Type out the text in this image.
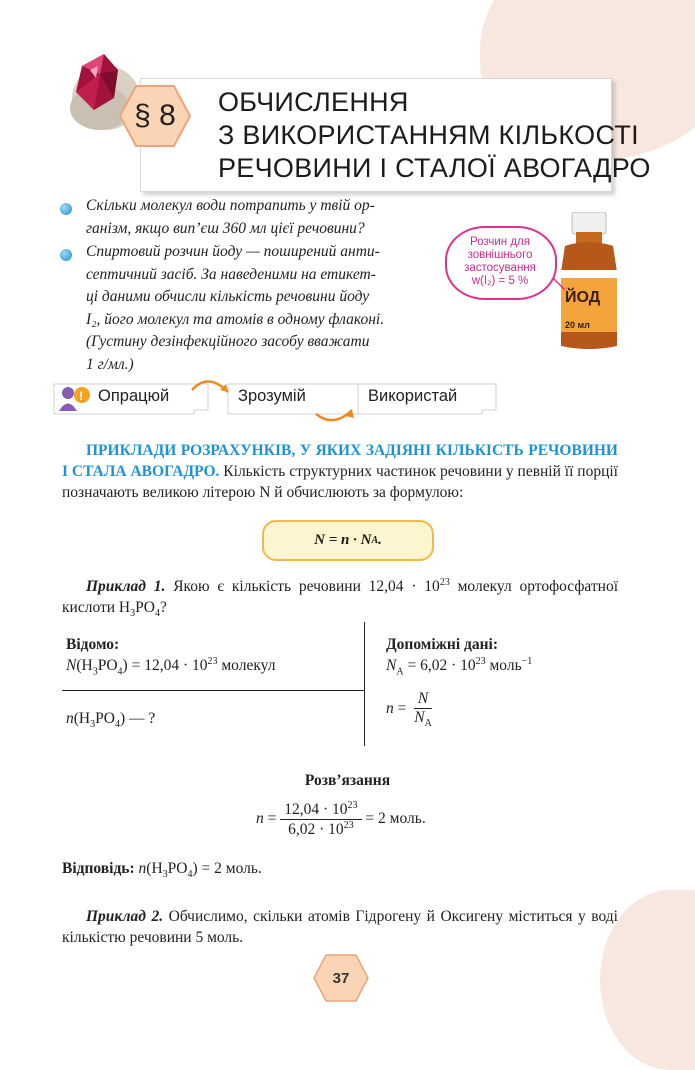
§ 8	ОБЧИСЛЕННЯ
З ВИКОРИСТАННЯМ КІЛЬКОСТІ
РЕЧОВИНИ І СТАЛОЇ АВОГАДРО
Скільки молекул води потрапить у твій ор-
ганізм, якщо вип’єш 360 мл цієї речовини?
Спиртовий розчин йоду — поширений анти-
септичний засіб. За наведеними на етикет-
ці даними обчисли кількість речовини йоду
I₂, його молекул та атомів в одному флаконі.
(Густину дезінфекційного засобу вважати
1 г/мл.)
ЙОД
20 мл
Розчин для
зовнішнього
застосування
w(I₂) = 5 %
! Опрацюй	Зрозумій	Використай
ПРИКЛАДИ РОЗРАХУНКІВ, У ЯКИХ ЗАДІЯНІ КІЛЬКІСТЬ РЕЧОВИНИ І СТАЛА АВОГАДРО. Кількість структурних частинок речовини у певній її порції позначають великою літерою N й обчислюють за формулою:
N = n · N A .
Приклад 1. Якою є кількість речовини $12,04 \cdot 10^{23}$ молекул ортофосфатної кислоти $H_3PO_4$?
Відомо:
$N(H_3PO_4) = 12,04 \cdot 10^{23}$ молекул
$n(H_3PO_4)$ — ?
Допоміжні дані:
$N_A = 6,02 \cdot 10^{23}$ моль$^{-1}$
$n = \frac{N}{N_A}$
Розв’язання
$n = \frac{12,04 \cdot 10^{23}}{6,02 \cdot 10^{23}} = 2$ моль.
Відповідь: $n(H_3PO_4) = 2$ моль.
Приклад 2. Обчислимо, скільки атомів Гідрогену й Оксигену міститься у воді кількістю речовини 5 моль.
37
